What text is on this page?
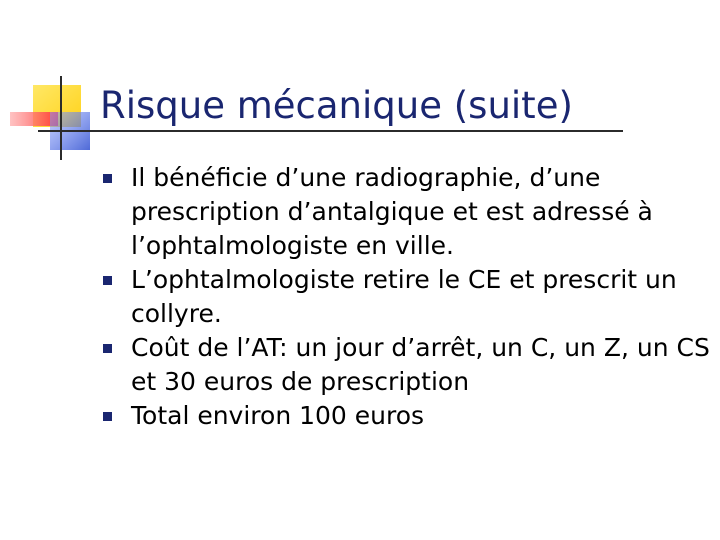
Risque mécanique (suite)
Il bénéficie d’une radiographie, d’une prescription d’antalgique et est adressé à l’ophtalmologiste en ville.
L’ophtalmologiste retire le CE et prescrit un collyre.
Coût de l’AT: un jour d’arrêt, un C, un Z, un CS et 30 euros de prescription
Total environ 100 euros
